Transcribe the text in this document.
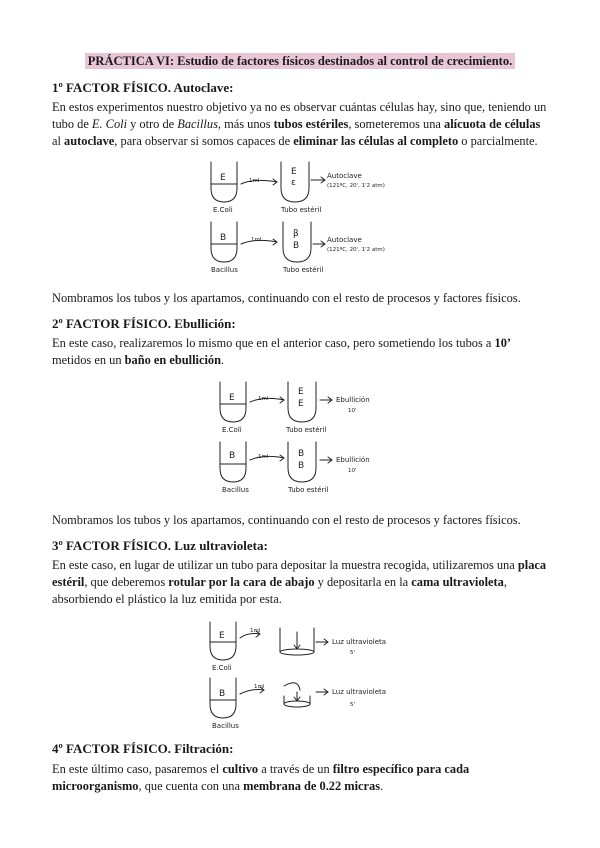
PRÁCTICA VI: Estudio de factores físicos destinados al control de crecimiento.

1º FACTOR FÍSICO. Autoclave:

En estos experimentos nuestro objetivo ya no es observar cuántas células hay, sino que, teniendo un tubo de E. Coli y otro de Bacillus, más unos tubos estériles, someteremos una alícuota de células al autoclave, para observar si somos capaces de eliminar las células al completo o parcialmente.

E
E.Coli
1ml
E
ε
Tubo estéril
Autoclave
(121ºC, 20', 1'2 atm)
B
Bacillus
1ml
β
B
Tubo estéril
Autoclave
(121ºC, 20', 1'2 atm)

Nombramos los tubos y los apartamos, continuando con el resto de procesos y factores físicos.

2º FACTOR FÍSICO. Ebullición:

En este caso, realizaremos lo mismo que en el anterior caso, pero sometiendo los tubos a 10’ metidos en un baño en ebullición.

E
E.Coli
1ml
E
E
Tubo estéril
Ebullición
10'
B
Bacillus
1ml	B
B
Tubo estéril
Ebullición
10'

Nombramos los tubos y los apartamos, continuando con el resto de procesos y factores físicos.

3º FACTOR FÍSICO. Luz ultravioleta:

En este caso, en lugar de utilizar un tubo para depositar la muestra recogida, utilizaremos una placa estéril, que deberemos rotular por la cara de abajo y depositarla en la cama ultravioleta, absorbiendo el plástico la luz emitida por esta.

E
E.Coli
1ml
Luz ultravioleta
5'
B
Bacillus
1ml
Luz ultravioleta
5'

4º FACTOR FÍSICO. Filtración:

En este último caso, pasaremos el cultivo a través de un filtro específico para cada microorganismo, que cuenta con una membrana de 0.22 micras.
